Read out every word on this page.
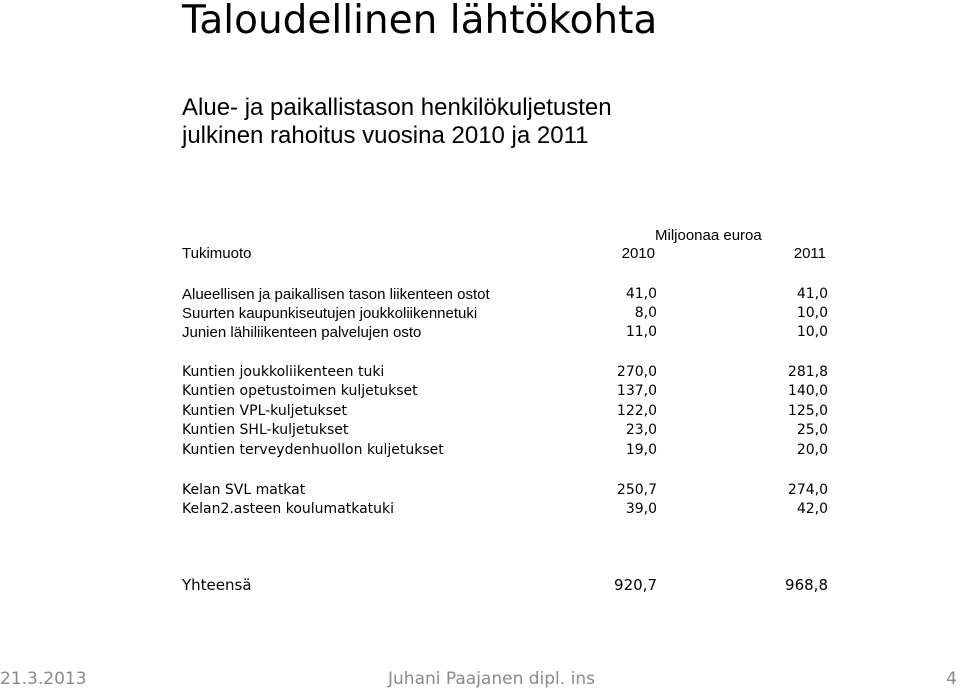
Taloudellinen lähtökohta
Alue- ja paikallistason henkilökuljetusten
julkinen rahoitus vuosina 2010 ja 2011
Miljoonaa euroa
Tukimuoto	2010	2011
Alueellisen ja paikallisen tason liikenteen ostot	41,0	41,0
Suurten kaupunkiseutujen joukkoliikennetuki	8,0	10,0
Junien lähiliikenteen palvelujen osto	11,0	10,0
Kuntien joukkoliikenteen tuki	270,0	281,8
Kuntien opetustoimen kuljetukset	137,0	140,0
Kuntien VPL-kuljetukset	122,0	125,0
Kuntien SHL-kuljetukset	23,0	25,0
Kuntien terveydenhuollon kuljetukset	19,0	20,0
Kelan SVL matkat	250,7	274,0
Kelan2.asteen koulumatkatuki	39,0	42,0
Yhteensä	920,7	968,8
21.3.2013	Juhani Paajanen dipl. ins	4
